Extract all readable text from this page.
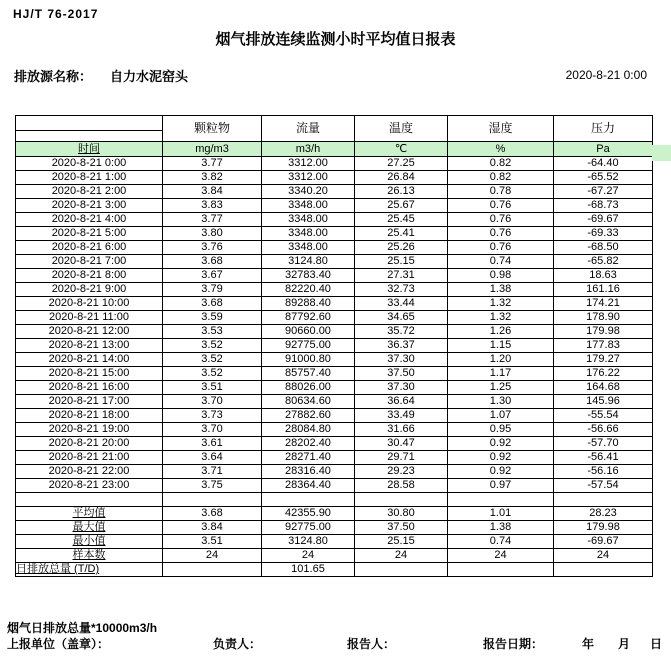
HJ/T 76-2017
烟气排放连续监测小时平均值日报表
排放源名称： 自力水泥窑头	2020-8-21 0:00
	颗粒物	流量	温度	湿度	压力

时间	mg/m3	m3/h	℃	%	Pa
2020-8-21 0:00	3.77	3312.00	27.25	0.82	-64.40
2020-8-21 1:00	3.82	3312.00	26.84	0.82	-65.52
2020-8-21 2:00	3.84	3340.20	26.13	0.78	-67.27
2020-8-21 3:00	3.83	3348.00	25.67	0.76	-68.73
2020-8-21 4:00	3.77	3348.00	25.45	0.76	-69.67
2020-8-21 5:00	3.80	3348.00	25.41	0.76	-69.33
2020-8-21 6:00	3.76	3348.00	25.26	0.76	-68.50
2020-8-21 7:00	3.68	3124.80	25.15	0.74	-65.82
2020-8-21 8:00	3.67	32783.40	27.31	0.98	18.63
2020-8-21 9:00	3.79	82220.40	32.73	1.38	161.16
2020-8-21 10:00	3.68	89288.40	33.44	1.32	174.21
2020-8-21 11:00	3.59	87792.60	34.65	1.32	178.90
2020-8-21 12:00	3.53	90660.00	35.72	1.26	179.98
2020-8-21 13:00	3.52	92775.00	36.37	1.15	177.83
2020-8-21 14:00	3.52	91000.80	37.30	1.20	179.27
2020-8-21 15:00	3.52	85757.40	37.50	1.17	176.22
2020-8-21 16:00	3.51	88026.00	37.30	1.25	164.68
2020-8-21 17:00	3.70	80634.60	36.64	1.30	145.96
2020-8-21 18:00	3.73	27882.60	33.49	1.07	-55.54
2020-8-21 19:00	3.70	28084.80	31.66	0.95	-56.66
2020-8-21 20:00	3.61	28202.40	30.47	0.92	-57.70
2020-8-21 21:00	3.64	28271.40	29.71	0.92	-56.41
2020-8-21 22:00	3.71	28316.40	29.23	0.92	-56.16
2020-8-21 23:00	3.75	28364.40	28.58	0.97	-57.54

平均值	3.68	42355.90	30.80	1.01	28.23
最大值	3.84	92775.00	37.50	1.38	179.98
最小值	3.51	3124.80	25.15	0.74	-69.67
样本数	24	24	24	24	24
日排放总量 (T/D)		101.65			
烟气日排放总量*10000m3/h
上报单位（盖章）：	负责人：	报告人：	报告日期：	年 月 日
